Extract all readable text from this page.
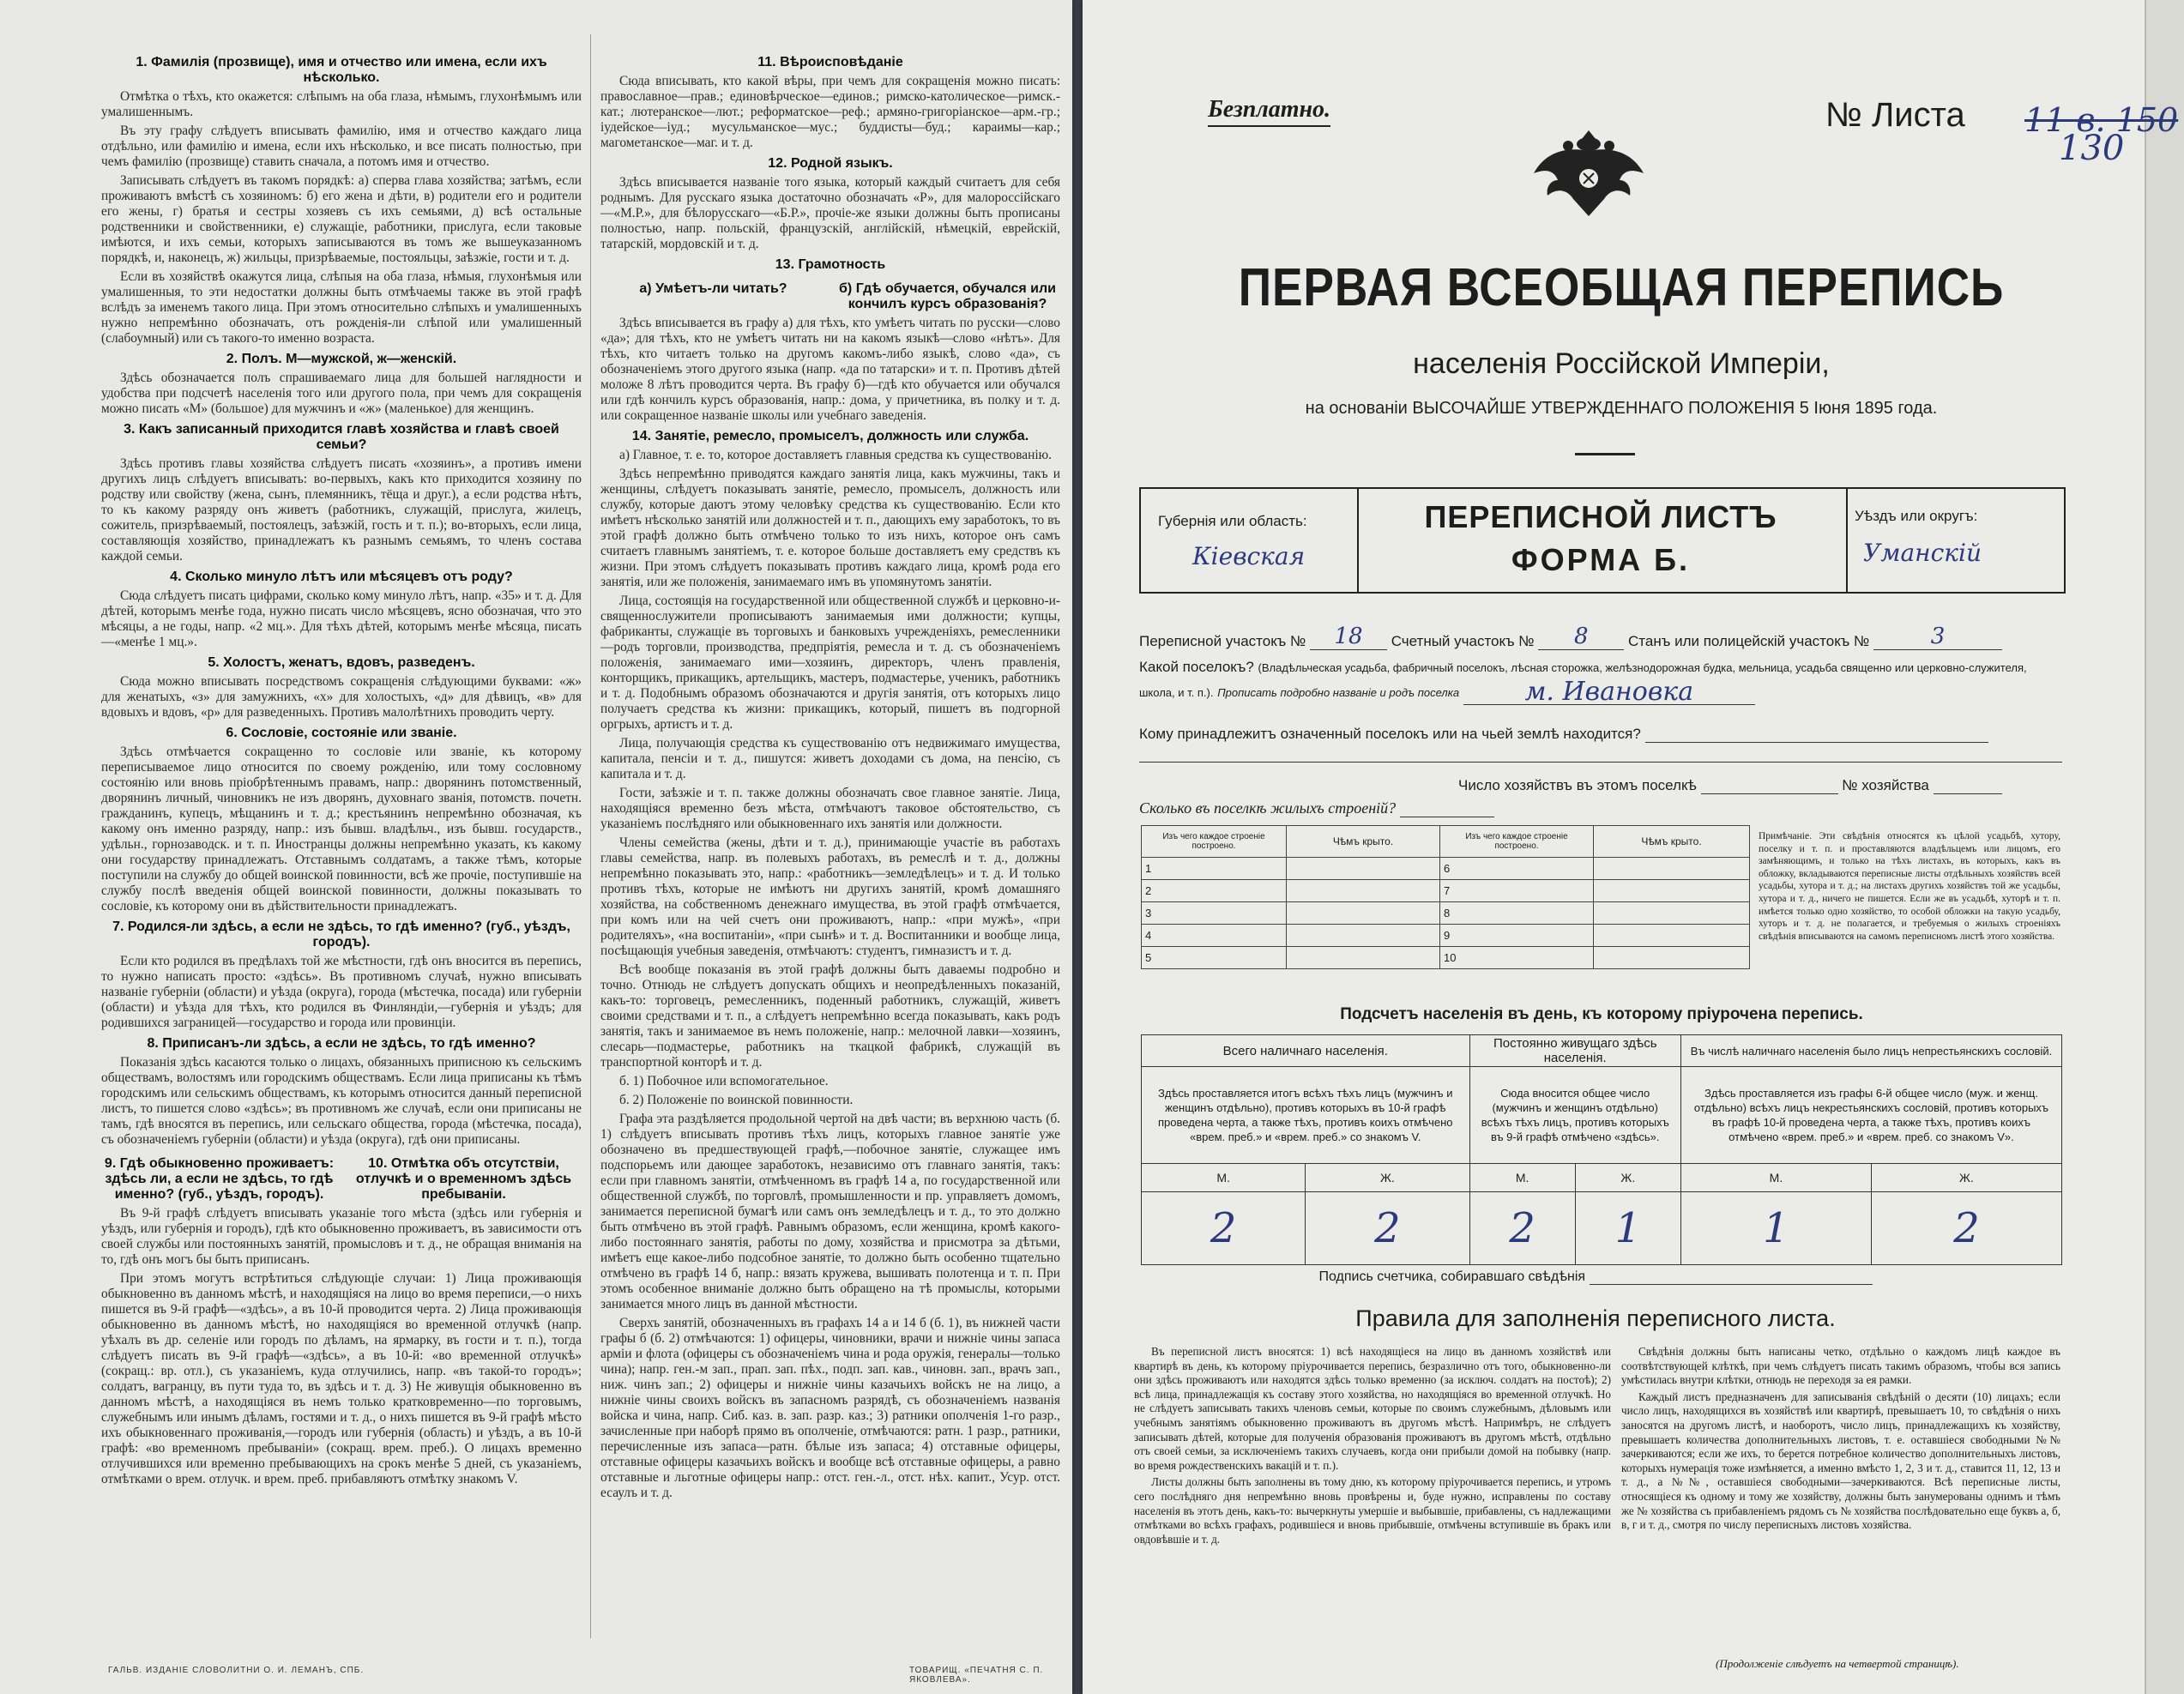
1. Фамилія (прозвище), имя и отчество или имена, если ихъ нѣсколько.

Отмѣтка о тѣхъ, кто окажется: слѣпымъ на оба глаза, нѣмымъ, глухонѣмымъ или умалишеннымъ.

Въ эту графу слѣдуетъ вписывать фамилію, имя и отчество каждаго лица отдѣльно, или фамилію и имена, если ихъ нѣсколько, и все писать полностью, при чемъ фамилію (прозвище) ставить сначала, а потомъ имя и отчество.

Записывать слѣдуетъ въ такомъ порядкѣ: а) сперва глава хозяйства; затѣмъ, если проживаютъ вмѣстѣ съ хозяиномъ: б) его жена и дѣти, в) родители его и родители его жены, г) братья и сестры хозяевъ съ ихъ семьями, д) всѣ остальные родственники и свойственники, е) служащіе, работники, прислуга, если таковые имѣются, и ихъ семьи, которыхъ записываются въ томъ же вышеуказанномъ порядкѣ, и, наконецъ, ж) жильцы, призрѣваемые, постояльцы, заѣзжіе, гости и т. д.

Если въ хозяйствѣ окажутся лица, слѣпыя на оба глаза, нѣмыя, глухонѣмыя или умалишенныя, то эти недостатки должны быть отмѣчаемы также въ этой графѣ вслѣдъ за именемъ такого лица. При этомъ относительно слѣпыхъ и умалишенныхъ нужно непремѣнно обозначать, отъ рожденія-ли слѣпой или умалишенный (слабоумный) или съ такого-то именно возраста.

2. Полъ. М—мужской, ж—женскій.

Здѣсь обозначается полъ спрашиваемаго лица для большей наглядности и удобства при подсчетѣ населенія того или другого пола, при чемъ для сокращенія можно писать «М» (большое) для мужчинъ и «ж» (маленькое) для женщинъ.

3. Какъ записанный приходится главѣ хозяйства и главѣ своей семьи?

Здѣсь противъ главы хозяйства слѣдуетъ писать «хозяинъ», а противъ имени другихъ лицъ слѣдуетъ вписывать: во-первыхъ, какъ кто приходится хозяину по родству или свойству (жена, сынъ, племянникъ, тёща и друг.), а если родства нѣтъ, то къ какому разряду онъ живетъ (работникъ, служащій, прислуга, жилецъ, сожитель, призрѣваемый, постоялецъ, заѣзжій, гость и т. п.); во-вторыхъ, если лица, составляющія хозяйство, принадлежатъ къ разнымъ семьямъ, то членъ состава каждой семьи.

4. Сколько минуло лѣтъ или мѣсяцевъ отъ роду?

Сюда слѣдуетъ писать цифрами, сколько кому минуло лѣтъ, напр. «35» и т. д. Для дѣтей, которымъ менѣе года, нужно писать число мѣсяцевъ, ясно обозначая, что это мѣсяцы, а не годы, напр. «2 мц.». Для тѣхъ дѣтей, которымъ менѣе мѣсяца, писать—«менѣе 1 мц.».

5. Холостъ, женатъ, вдовъ, разведенъ.

Сюда можно вписывать посредствомъ сокращенія слѣдующими буквами: «ж» для женатыхъ, «з» для замужнихъ, «х» для холостыхъ, «д» для дѣвицъ, «в» для вдовыхъ и вдовъ, «р» для разведенныхъ. Противъ малолѣтнихъ проводить черту.

6. Сословіе, состояніе или званіе.

Здѣсь отмѣчается сокращенно то сословіе или званіе, къ которому переписываемое лицо относится по своему рожденію, или тому сословному состоянію или вновь пріобрѣтеннымъ правамъ, напр.: дворянинъ потомственный, дворянинъ личный, чиновникъ не изъ дворянъ, духовнаго званія, потомств. почетн. гражданинъ, купецъ, мѣщанинъ и т. д.; крестьянинъ непремѣнно обозначая, къ какому онъ именно разряду, напр.: изъ бывш. владѣльч., изъ бывш. государств., удѣльн., горнозаводск. и т. п. Иностранцы должны непремѣнно указать, къ какому они государству принадлежатъ. Отставнымъ солдатамъ, а также тѣмъ, которые поступили на службу до общей воинской повинности, всѣ же прочіе, поступившіе на службу послѣ введенія общей воинской повинности, должны показывать то сословіе, къ которому они въ дѣйствительности принадлежатъ.

7. Родился-ли здѣсь, а если не здѣсь, то гдѣ именно? (губ., уѣздъ, городъ).

Если кто родился въ предѣлахъ той же мѣстности, гдѣ онъ вносится въ перепись, то нужно написать просто: «здѣсь». Въ противномъ случаѣ, нужно вписывать названіе губерніи (области) и уѣзда (округа), города (мѣстечка, посада) или губерніи (области) и уѣзда для тѣхъ, кто родился въ Финляндіи,—губернія и уѣздъ; для родившихся заграницей—государство и города или провинціи.

8. Приписанъ-ли здѣсь, а если не здѣсь, то гдѣ именно?

Показанія здѣсь касаются только о лицахъ, обязанныхъ приписною къ сельскимъ обществамъ, волостямъ или городскимъ обществамъ. Если лица приписаны къ тѣмъ городскимъ или сельскимъ обществамъ, къ которымъ относится данный переписной листъ, то пишется слово «здѣсь»; въ противномъ же случаѣ, если они приписаны не тамъ, гдѣ вносятся въ перепись, или сельскаго общества, города (мѣстечка, посада), съ обозначеніемъ губерніи (области) и уѣзда (округа), гдѣ они приписаны.

9. Гдѣ обыкновенно проживаетъ: здѣсь ли, а если не здѣсь, то гдѣ именно? (губ., уѣздъ, городъ).
10. Отмѣтка объ отсутствіи, отлучкѣ и о временномъ здѣсь пребываніи.

Въ 9-й графѣ слѣдуетъ вписывать указаніе того мѣста (здѣсь или губернія и уѣздъ, или губернія и городъ), гдѣ кто обыкновенно проживаетъ, въ зависимости отъ своей службы или постоянныхъ занятій, промысловъ и т. д., не обращая вниманія на то, гдѣ онъ могъ бы быть приписанъ.

При этомъ могутъ встрѣтиться слѣдующіе случаи: 1) Лица проживающія обыкновенно въ данномъ мѣстѣ, и находящіяся на лицо во время переписи,—о нихъ пишется въ 9-й графѣ—«здѣсь», а въ 10-й проводится черта. 2) Лица проживающія обыкновенно въ данномъ мѣстѣ, но находящіяся во временной отлучкѣ (напр. уѣхалъ въ др. селеніе или городъ по дѣламъ, на ярмарку, въ гости и т. п.), тогда слѣдуетъ писать въ 9-й графѣ—«здѣсь», а въ 10-й: «во временной отлучкѣ» (сокращ.: вр. отл.), съ указаніемъ, куда отлучились, напр. «въ такой-то городъ»; солдатъ, вагранцу, въ пути туда то, въ здѣсь и т. д. 3) Не живущія обыкновенно въ данномъ мѣстѣ, а находящіяся въ немъ только кратковременно—по торговымъ, служебнымъ или инымъ дѣламъ, гостями и т. д., о нихъ пишется въ 9-й графѣ мѣсто ихъ обыкновеннаго проживанія,—городъ или губернія (область) и уѣздъ, а въ 10-й графѣ: «во временномъ пребываніи» (сокращ. врем. преб.). О лицахъ временно отлучившихся или временно пребывающихъ на срокъ менѣе 5 дней, съ указаніемъ, отмѣтками о врем. отлучк. и врем. преб. прибавляютъ отмѣтку знакомъ V.

11. Вѣроисповѣданіе

Сюда вписывать, кто какой вѣры, при чемъ для сокращенія можно писать: православное—прав.; единовѣрческое—единов.; римско-католическое—римск.-кат.; лютеранское—лют.; реформатское—реф.; армяно-григоріанское—арм.-гр.; іудейское—іуд.; мусульманское—мус.; буддисты—буд.; караимы—кар.; магометанское—маг. и т. д.

12. Родной языкъ.

Здѣсь вписывается названіе того языка, который каждый считаетъ для себя роднымъ. Для русскаго языка достаточно обозначать «Р», для малороссійскаго—«М.Р.», для бѣлорусскаго—«Б.Р.», прочіе-же языки должны быть прописаны полностью, напр. польскій, французскій, англійскій, нѣмецкій, еврейскій, татарскій, мордовскій и т. д.

13. Грамотность
а) Умѣетъ-ли читать?	б) Гдѣ обучается, обучался или кончилъ курсъ образованія?

Здѣсь вписывается въ графу а) для тѣхъ, кто умѣетъ читать по русски—слово «да»; для тѣхъ, кто не умѣетъ читать ни на какомъ языкѣ—слово «нѣтъ». Для тѣхъ, кто читаетъ только на другомъ какомъ-либо языкѣ, слово «да», съ обозначеніемъ этого другого языка (напр. «да по татарски» и т. п. Противъ дѣтей моложе 8 лѣтъ проводится черта. Въ графу б)—гдѣ кто обучается или обучался или гдѣ кончилъ курсъ образованія, напр.: дома, у причетника, въ полку и т. д. или сокращенное названіе школы или учебнаго заведенія.

14. Занятіе, ремесло, промыселъ, должность или служба.

а) Главное, т. е. то, которое доставляетъ главныя средства къ существованію.

Здѣсь непремѣнно приводятся каждаго занятія лица, какъ мужчины, такъ и женщины, слѣдуетъ показывать занятіе, ремесло, промыселъ, должность или службу, которые даютъ этому человѣку средства къ существованію. Если кто имѣетъ нѣсколько занятій или должностей и т. п., дающихъ ему заработокъ, то въ этой графѣ должно быть отмѣчено только то изъ нихъ, которое онъ самъ считаетъ главнымъ занятіемъ, т. е. которое больше доставляетъ ему средствъ къ жизни. При этомъ слѣдуетъ показывать противъ каждаго лица, кромѣ рода его занятія, или же положенія, занимаемаго имъ въ упомянутомъ занятіи.

Лица, состоящія на государственной или общественной службѣ и церковно-и-священнослужители прописываютъ занимаемыя ими должности; купцы, фабриканты, служащіе въ торговыхъ и банковыхъ учрежденіяхъ, ремесленники—родъ торговли, производства, предпріятія, ремесла и т. д. съ обозначеніемъ положенія, занимаемаго ими—хозяинъ, директоръ, членъ правленія, конторщикъ, прикащикъ, артельщикъ, мастеръ, подмастерье, ученикъ, работникъ и т. д. Подобнымъ образомъ обозначаются и другія занятія, отъ которыхъ лицо получаетъ средства къ жизни: прикащикъ, который, пишетъ въ подгорной оргрыхъ, артистъ и т. д.

Лица, получающія средства къ существованію отъ недвижимаго имущества, капитала, пенсіи и т. д., пишутся: живетъ доходами съ дома, на пенсію, съ капитала и т. д.

Гости, заѣзжіе и т. п. также должны обозначать свое главное занятіе. Лица, находящіяся временно безъ мѣста, отмѣчаютъ таковое обстоятельство, съ указаніемъ послѣдняго или обыкновеннаго ихъ занятія или должности.

Члены семейства (жены, дѣти и т. д.), принимающіе участіе въ работахъ главы семейства, напр. въ полевыхъ работахъ, въ ремеслѣ и т. д., должны непремѣнно показывать это, напр.: «работникъ—земледѣлецъ» и т. д. И только противъ тѣхъ, которые не имѣютъ ни другихъ занятій, кромѣ домашняго хозяйства, на собственномъ денежнаго имущества, въ этой графѣ отмѣчается, при комъ или на чей счетъ они проживаютъ, напр.: «при мужѣ», «при родителяхъ», «на воспитаніи», «при сынѣ» и т. д. Воспитанники и вообще лица, посѣщающія учебныя заведенія, отмѣчаютъ: студентъ, гимназистъ и т. д.

Всѣ вообще показанія въ этой графѣ должны быть даваемы подробно и точно. Отнюдь не слѣдуетъ допускать общихъ и неопредѣленныхъ показаній, какъ-то: торговецъ, ремесленникъ, поденный работникъ, служащій, живетъ своими средствами и т. п., а слѣдуетъ непремѣнно всегда показывать, какъ родъ занятія, такъ и занимаемое въ немъ положеніе, напр.: мелочной лавки—хозяинъ, слесарь—подмастерье, работникъ на ткацкой фабрикѣ, служащій въ транспортной конторѣ и т. д.

б. 1) Побочное или вспомогательное.

б. 2) Положеніе по воинской повинности.

Графа эта раздѣляется продольной чертой на двѣ части; въ верхнюю часть (б. 1) слѣдуетъ вписывать противъ тѣхъ лицъ, которыхъ главное занятіе уже обозначено въ предшествующей графѣ,—побочное занятіе, служащее имъ подспорьемъ или дающее заработокъ, независимо отъ главнаго занятія, такъ: если при главномъ занятіи, отмѣченномъ въ графѣ 14 а, по государственной или общественной службѣ, по торговлѣ, промышленности и пр. управляетъ домомъ, занимается переписной бумагѣ или самъ онъ земледѣлецъ и т. д., то это должно быть отмѣчено въ этой графѣ. Равнымъ образомъ, если женщина, кромѣ какого-либо постояннаго занятія, работы по дому, хозяйства и присмотра за дѣтьми, имѣетъ еще какое-либо подсобное занятіе, то должно быть особенно тщательно отмѣчено въ графѣ 14 б, напр.: вязать кружева, вышивать полотенца и т. п. При этомъ особенное вниманіе должно быть обращено на тѣ промыслы, которыми занимается много лицъ въ данной мѣстности.

Сверхъ занятій, обозначенныхъ въ графахъ 14 а и 14 б (б. 1), въ нижней части графы б (б. 2) отмѣчаются: 1) офицеры, чиновники, врачи и нижніе чины запаса арміи и флота (офицеры съ обозначеніемъ чина и рода оружія, генералы—только чина); напр. ген.-м зап., прап. зап. пѣх., подп. зап. кав., чиновн. зап., врачъ зап., ниж. чинъ зап.; 2) офицеры и нижніе чины казачьихъ войскъ не на лицо, а нижніе чины своихъ войскъ въ запасномъ разрядѣ, съ обозначеніемъ названія войска и чина, напр. Сиб. каз. в. зап. разр. каз.; 3) ратники ополченія 1-го разр., зачисленные при наборѣ прямо въ ополченіе, отмѣчаются: ратн. 1 разр., ратники, перечисленные изъ запаса—ратн. бѣлые изъ запаса; 4) отставные офицеры, отставные офицеры казачьихъ войскъ и вообще всѣ отставные офицеры, а равно отставные и льготные офицеры напр.: отст. ген.-л., отст. нѣх. капит., Усур. отст. есаулъ и т. д.

ГАЛЬВ. ИЗДАНІЕ СЛОВОЛИТНИ О. И. ЛЕМАНЪ, СПБ.	ТОВАРИЩ. «ПЕЧАТНЯ С. П. ЯКОВЛЕВА».
Безплатно.	№ Листа 11 в. 150
130
ПЕРВАЯ ВСЕОБЩАЯ ПЕРЕПИСЬ
населенія Россійской Имперіи,
на основаніи ВЫСОЧАЙШЕ УТВЕРЖДЕННАГО ПОЛОЖЕНІЯ 5 Іюня 1895 года.
Губернія или область:
Кіевская
ПЕРЕПИСНОЙ ЛИСТЪ
ФОРМА Б.
Уѣздъ или округъ:
Уманскій
Переписной участокъ № 18 Счетный участокъ № 8	Станъ или полицейскій участокъ №	3
Какой поселокъ? (Владѣльческая усадьба, фабричный поселокъ, лѣсная сторожка, желѣзнодорожная будка, мельница, усадьба священно или церковно-служителя, школа, и т. п.). Прописать подробно названіе и родъ поселка	м. Ивановка
Кому принадлежитъ означенный поселокъ или на чьей землѣ находится?
Число хозяйствъ въ этомъ поселкѣ	№ хозяйства
Сколько въ поселкѣ жилыхъ строеній?
Изъ чего каждое строеніе построено.	Чѣмъ крыто.	Изъ чего каждое строеніе построено.	Чѣмъ крыто.
1		6	
2		7	
3		8	
4		9	
5		10	
Примѣчаніе. Эти свѣдѣнія относятся къ цѣлой усадьбѣ, хутору, поселку и т. п. и проставляются владѣльцемъ или лицомъ, его замѣняющимъ, и только на тѣхъ листахъ, въ которыхъ, какъ въ обложку, вкладываются переписные листы отдѣльныхъ хозяйствъ всей усадьбы, хутора и т. д.; на листахъ другихъ хозяйствъ той же усадьбы, хутора и т. д., ничего не пишется. Если же въ усадьбѣ, хуторѣ и т. п. имѣется только одно хозяйство, то особой обложки на такую усадьбу, хуторъ и т. д. не полагается, и требуемыя о жилыхъ строеніяхъ свѣдѣнія вписываются на самомъ переписномъ листѣ этого хозяйства.
Подсчетъ населенія въ день, къ которому пріурочена перепись.
Всего наличнаго населенія.		Постоянно живущаго здѣсь населенія.		Въ числѣ наличнаго населенія было лицъ непрестьянскихъ сословій.	
Здѣсь проставляется итогъ всѣхъ тѣхъ лицъ (мужчинъ и женщинъ отдѣльно), противъ которыхъ въ 10-й графѣ проведена черта, а также тѣхъ, противъ коихъ отмѣчено «врем. преб.» и «врем. преб.» со знакомъ V.		Сюда вносится общее число (мужчинъ и женщинъ отдѣльно) всѣхъ тѣхъ лицъ, противъ которыхъ въ 9-й графѣ отмѣчено «здѣсь».		Здѣсь проставляется изъ графы 6-й общее число (муж. и женщ. отдѣльно) всѣхъ лицъ некрестьянскихъ сословій, противъ которыхъ въ графѣ 10-й проведена черта, а также тѣхъ, противъ коихъ отмѣчено «врем. преб.» и «врем. преб. со знакомъ V».	
М.	Ж.	М.	Ж.	М.	Ж.
2	2	2	1	1	2
Подпись счетчика, собиравшаго свѣдѣнія
Правила для заполненія переписного листа.

Въ переписной листъ вносятся: 1) всѣ находящіеся на лицо въ данномъ хозяйствѣ или квартирѣ въ день, къ которому пріурочивается перепись, безразлично отъ того, обыкновенно-ли они здѣсь проживаютъ или находятся здѣсь только временно (за исключ. солдатъ на постоѣ); 2) всѣ лица, принадлежащія къ составу этого хозяйства, но находящіяся во временной отлучкѣ. Но не слѣдуетъ записывать такихъ членовъ семьи, которые по своимъ служебнымъ, дѣловымъ или учебнымъ занятіямъ обыкновенно проживаютъ въ другомъ мѣстѣ. Напримѣръ, не слѣдуетъ записывать дѣтей, которые для полученія образованія проживаютъ въ другомъ мѣстѣ, отдѣльно отъ своей семьи, за исключеніемъ такихъ случаевъ, когда они прибыли домой на побывку (напр. во время рождественскихъ вакацій и т. п.).

Листы должны быть заполнены въ тому дню, къ которому пріурочивается перепись, и утромъ сего послѣдняго дня непремѣнно вновь провѣрены и, буде нужно, исправлены по составу населенія въ этотъ день, какъ-то: вычеркнуты умершіе и выбывшіе, прибавлены, съ надлежащими отмѣтками во всѣхъ графахъ, родившіеся и вновь прибывшіе, отмѣчены вступившіе въ бракъ или овдовѣвшіе и т. д.

Свѣдѣнія должны быть написаны четко, отдѣльно о каждомъ лицѣ каждое въ соотвѣтствующей клѣткѣ, при чемъ слѣдуетъ писать такимъ образомъ, чтобы вся запись умѣстилась внутри клѣтки, отнюдь не переходя за ея рамки.

Каждый листъ предназначенъ для записыванія свѣдѣній о десяти (10) лицахъ; если число лицъ, находящихся въ хозяйствѣ или квартирѣ, превышаетъ 10, то свѣдѣнія о нихъ заносятся на другомъ листѣ, и наоборотъ, число лицъ, принадлежащихъ къ хозяйству, превышаетъ количества дополнительныхъ листовъ, т. е. оставшіеся свободными №№ зачеркиваются; если же ихъ, то берется потребное количество дополнительныхъ листовъ, которыхъ нумерація тоже измѣняется, а именно вмѣсто 1, 2, 3 и т. д., ставится 11, 12, 13 и т. д., а №№, оставшіеся свободными—зачеркиваются. Всѣ переписные листы, относящіеся къ одному и тому же хозяйству, должны быть занумерованы однимъ и тѣмъ же № хозяйства съ прибавленіемъ рядомъ съ № хозяйства послѣдовательно еще буквъ а, б, в, г и т. д., смотря по числу переписныхъ листовъ хозяйства.

(Продолженіе слѣдуетъ на четвертой страницѣ).
